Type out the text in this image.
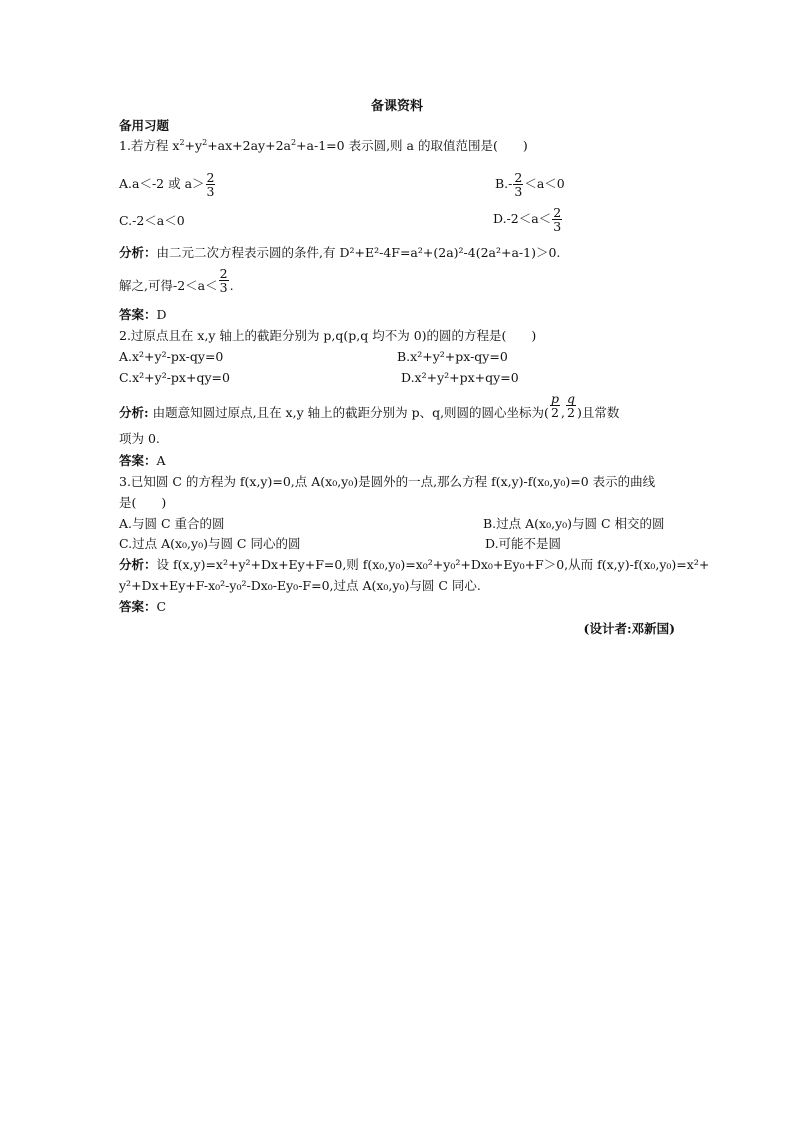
备课资料
备用习题
1.若方程 $x^2+y^2+ax+2ay+2a^2+a-1=0$ 表示圆,则 a 的取值范围是(　　)
A.a＜-2 或 $a> \frac{2}{3}$	$B.- \frac{2}{3} <a<0$
C.-2＜a＜0	$D.-2<a< \frac{2}{3}$
分析：由二元二次方程表示圆的条件,有 D²+E²-4F=a²+(2a)²-4(2a²+a-1)＞0.
解之,可得$-2<a< \frac{2}{3}$ .
答案：D
2.过原点且在 x,y 轴上的截距分别为 p,q(p,q 均不为 0)的圆的方程是(　　)
A.x²+y²-px-qy=0	B.x²+y²+px-qy=0
C.x²+y²-px+qy=0	D.x²+y²+px+qy=0
分析: 由题意知圆过原点,且在 x,y 轴上的截距分别为 p、q,则圆的圆心坐标为( $\frac{p}{2}$ , $\frac{q}{2}$ )且常数
项为 0.
答案：A
3.已知圆 C 的方程为 f(x,y)=0,点 A(x₀,y₀)是圆外的一点,那么方程 f(x,y)-f(x₀,y₀)=0 表示的曲线
是(　　)
A.与圆 C 重合的圆	B.过点 A(x₀,y₀)与圆 C 相交的圆
C.过点 A(x₀,y₀)与圆 C 同心的圆	D.可能不是圆
分析：设 f(x,y)=x²+y²+Dx+Ey+F=0,则 f(x₀,y₀)=x₀²+y₀²+Dx₀+Ey₀+F＞0,从而 f(x,y)-f(x₀,y₀)=x²+
y²+Dx+Ey+F-x₀²-y₀²-Dx₀-Ey₀-F=0,过点 A(x₀,y₀)与圆 C 同心.
答案：C
(设计者:邓新国)
